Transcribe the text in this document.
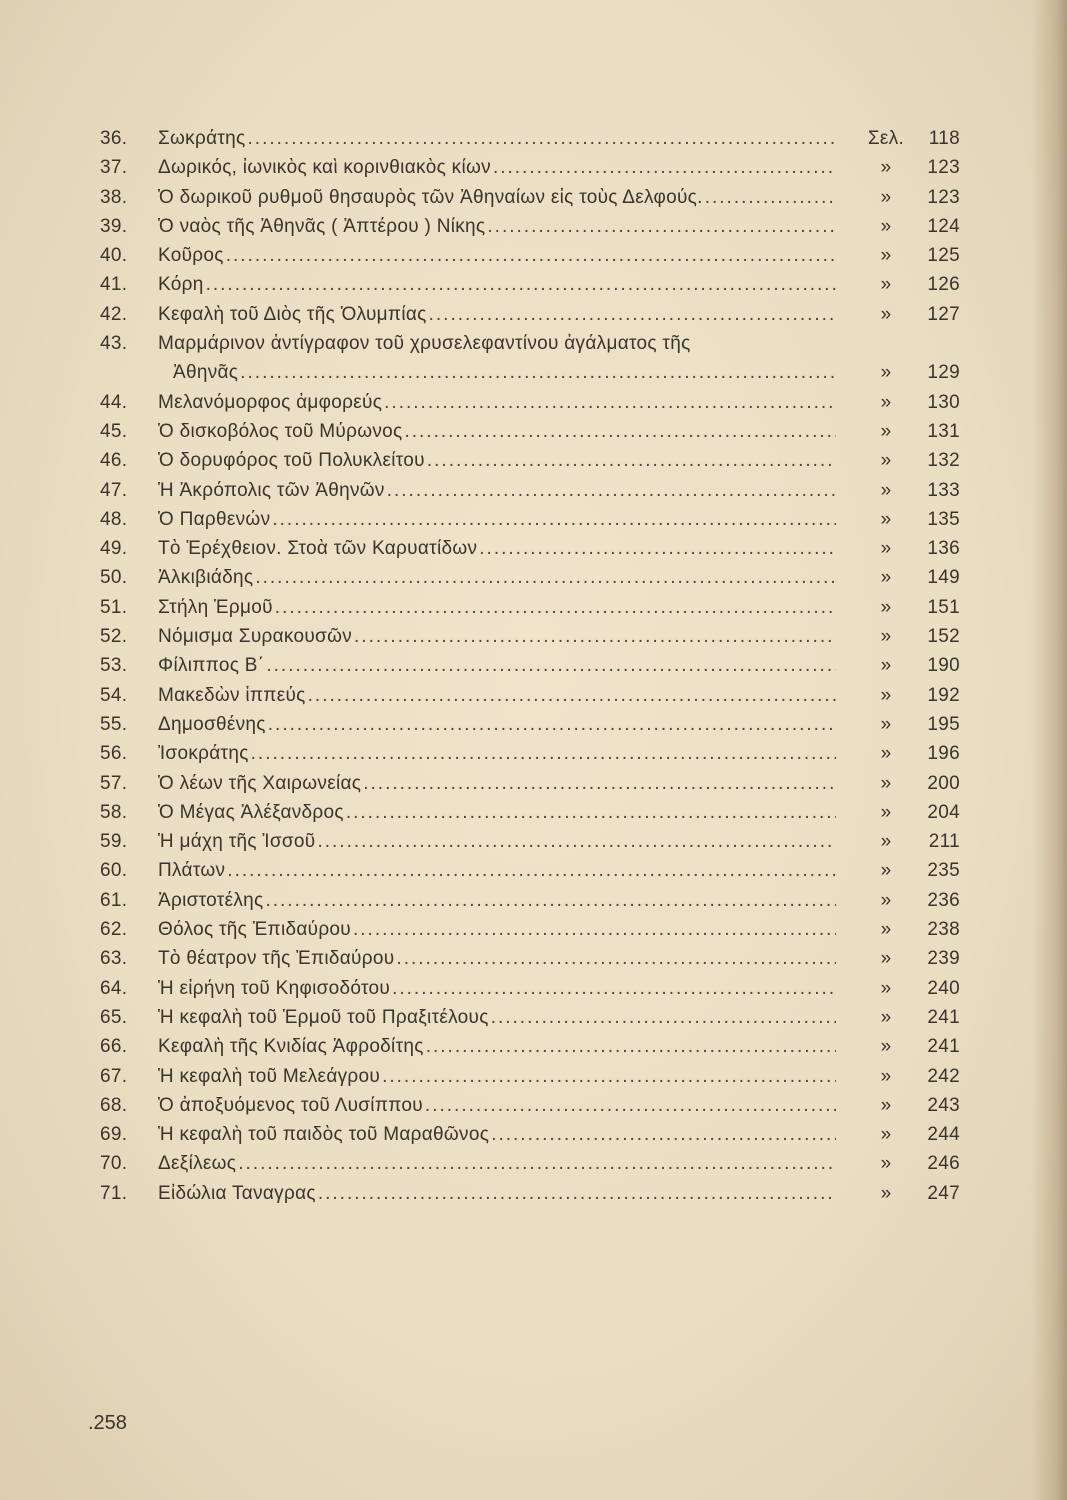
36.	Σωκράτης .....	Σελ.	118
37.	Δωρικός, ἰωνικὸς καὶ κορινθιακὸς κίων .....	»	123
38.	Ὁ δωρικοῦ ρυθμοῦ θησαυρὸς τῶν Ἀθηναίων εἰς τοὺς Δελφούς. .....	»	123
39.	Ὁ ναὸς τῆς Ἀθηνᾶς ( Ἀπτέρου ) Νίκης .....	»	124
40.	Κοῦρος .....	»	125
41.	Κόρη .....	»	126
42.	Κεφαλὴ τοῦ Διὸς τῆς Ὀλυμπίας .....	»	127
43.	Μαρμάρινον ἀντίγραφον τοῦ χρυσελεφαντίνου ἀγάλματος τῆς
Ἀθηνᾶς .....	»	129
44.	Μελανόμορφος ἀμφορεύς .....	»	130
45.	Ὁ δισκοβόλος τοῦ Μύρωνος .....	»	131
46.	Ὁ δορυφόρος τοῦ Πολυκλείτου .....	»	132
47.	Ἡ Ἀκρόπολις τῶν Ἀθηνῶν .....	»	133
48.	Ὁ Παρθενών .....	»	135
49.	Τὸ Ἐρέχθειον. Στοὰ τῶν Καρυατίδων .....	»	136
50.	Ἀλκιβιάδης .....	»	149
51.	Στήλη Ἑρμοῦ .....	»	151
52.	Νόμισμα Συρακουσῶν .....	»	152
53.	Φίλιππος Β΄ .....	»	190
54.	Μακεδὼν ἱππεύς .....	»	192
55.	Δημοσθένης .....	»	195
56.	Ἰσοκράτης .....	»	196
57.	Ὁ λέων τῆς Χαιρωνείας .....	»	200
58.	Ὁ Μέγας Ἀλέξανδρος .....	»	204
59.	Ἡ μάχη τῆς Ἰσσοῦ .....	»	211
60.	Πλάτων .....	»	235
61.	Ἀριστοτέλης .....	»	236
62.	Θόλος τῆς Ἐπιδαύρου .....	»	238
63.	Τὸ θέατρον τῆς Ἐπιδαύρου .....	»	239
64.	Ἡ εἰρήνη τοῦ Κηφισοδότου .....	»	240
65.	Ἡ κεφαλὴ τοῦ Ἑρμοῦ τοῦ Πραξιτέλους .....	»	241
66.	Κεφαλὴ τῆς Κνιδίας Ἀφροδίτης .....	»	241
67.	Ἡ κεφαλὴ τοῦ Μελεάγρου .....	»	242
68.	Ὁ ἀποξυόμενος τοῦ Λυσίππου .....	»	243
69.	Ἡ κεφαλὴ τοῦ παιδὸς τοῦ Μαραθῶνος .....	»	244
70.	Δεξίλεως .....	»	246
71.	Εἰδώλια Ταναγρας .....	»	247
.258
